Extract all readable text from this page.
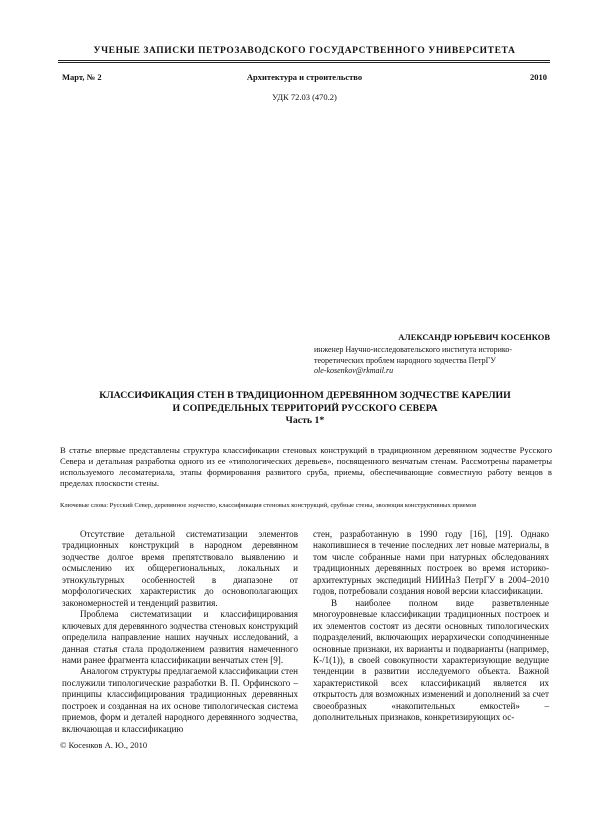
УЧЕНЫЕ ЗАПИСКИ ПЕТРОЗАВОДСКОГО ГОСУДАРСТВЕННОГО УНИВЕРСИТЕТА
Март, № 2	Архитектура и строительство	2010
УДК 72.03 (470.2)
АЛЕКСАНДР ЮРЬЕВИЧ КОСЕНКОВ
инженер Научно-исследовательского института историко-теоретических проблем народного зодчества ПетрГУ
ole-kosenkov@rkmail.ru
КЛАССИФИКАЦИЯ СТЕН В ТРАДИЦИОННОМ ДЕРЕВЯННОМ ЗОДЧЕСТВЕ КАРЕЛИИ
И СОПРЕДЕЛЬНЫХ ТЕРРИТОРИЙ РУССКОГО СЕВЕРА
Часть 1*
В статье впервые представлены структура классификации стеновых конструкций в традиционном деревянном зодчестве Русского Севера и детальная разработка одного из ее «типологических деревьев», посвященного венчатым стенам. Рассмотрены параметры используемого лесоматериала, этапы формирования развитого сруба, приемы, обеспечивающие совместную работу венцов в пределах плоскости стены.
Ключевые слова: Русский Север, деревянное зодчество, классификация стеновых конструкций, срубные стены, эволюция конструктивных приемов

Отсутствие детальной систематизации элементов традиционных конструкций в народном деревянном зодчестве долгое время препятствовало выявлению и осмыслению их общерегиональных, локальных и этнокультурных особенностей в диапазоне от морфологических характеристик до основополагающих закономерностей и тенденций развития.

Проблема систематизации и классифицирования ключевых для деревянного зодчества стеновых конструкций определила направление наших научных исследований, а данная статья стала продолжением развития намеченного нами ранее фрагмента классификации венчатых стен [9].

Аналогом структуры предлагаемой классификации стен послужили типологические разработки В. П. Орфинского – принципы классифицирования традиционных деревянных построек и созданная на их основе типологическая система приемов, форм и деталей народного деревянного зодчества, включающая и классификацию

стен, разработанную в 1990 году [16], [19]. Однако накопившиеся в течение последних лет новые материалы, в том числе собранные нами при натурных обследованиях традиционных деревянных построек во время историко-архитектурных экспедиций НИИНаЗ ПетрГУ в 2004–2010 годов, потребовали создания новой версии классификации.

В наиболее полном виде разветвленные многоуровневые классификации традиционных построек и их элементов состоят из десяти основных типологических подразделений, включающих иерархически соподчиненные основные признаки, их варианты и подварианты (например, К-/1(1)), в своей совокупности характеризующие ведущие тенденции в развитии исследуемого объекта. Важной характеристикой всех классификаций является их открытость для возможных изменений и дополнений за счет своеобразных «накопительных емкостей» – дополнительных признаков, конкретизирующих ос-

© Косенков А. Ю., 2010
